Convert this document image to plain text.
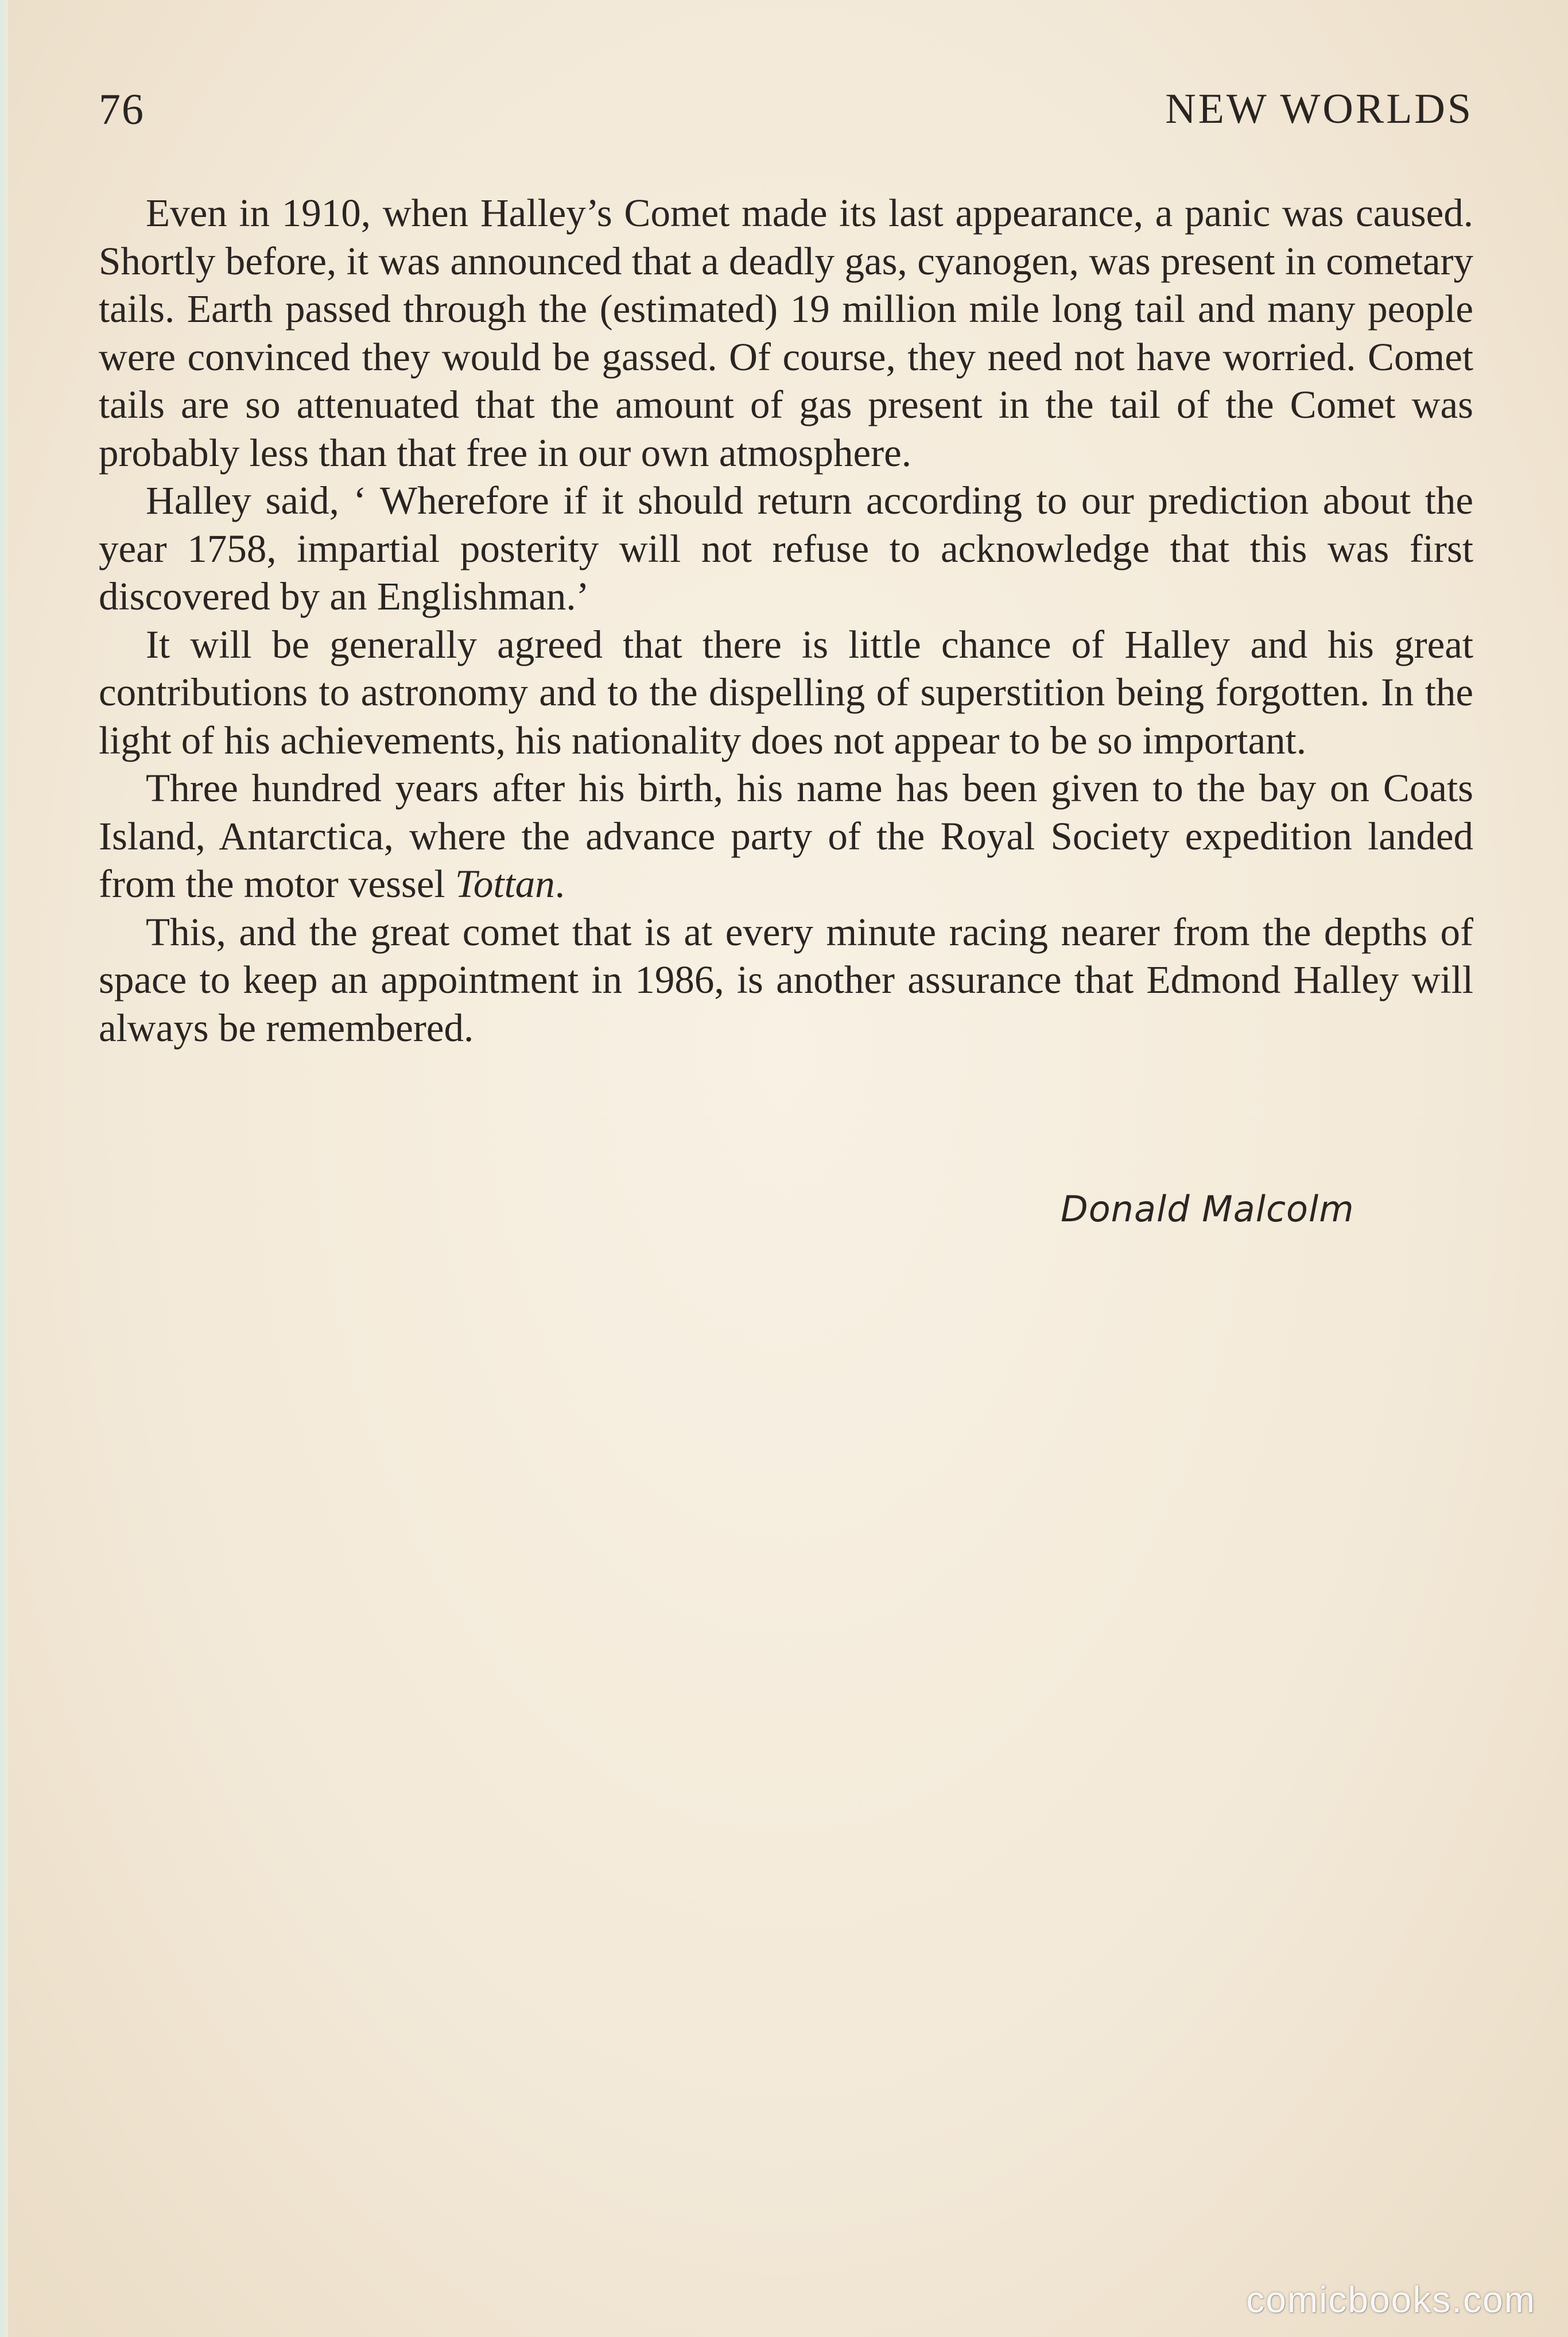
76	NEW WORLDS

Even in 1910, when Halley’s Comet made its last appearance, a panic was caused. Shortly before, it was announced that a deadly gas, cyanogen, was present in cometary tails. Earth passed through the (estimated) 19 million mile long tail and many people were convinced they would be gassed. Of course, they need not have worried. Comet tails are so attenuated that the amount of gas present in the tail of the Comet was probably less than that free in our own atmosphere.

Halley said, ‘ Wherefore if it should return according to our prediction about the year 1758, impartial posterity will not refuse to acknowledge that this was first discovered by an Englishman.’

It will be generally agreed that there is little chance of Halley and his great contributions to astronomy and to the dispelling of superstition being forgotten. In the light of his achievements, his nationality does not appear to be so important.

Three hundred years after his birth, his name has been given to the bay on Coats Island, Antarctica, where the advance party of the Royal Society expedition landed from the motor vessel Tottan.

This, and the great comet that is at every minute racing nearer from the depths of space to keep an appointment in 1986, is another assurance that Edmond Halley will always be remembered.

Donald Malcolm
comicbooks.com
